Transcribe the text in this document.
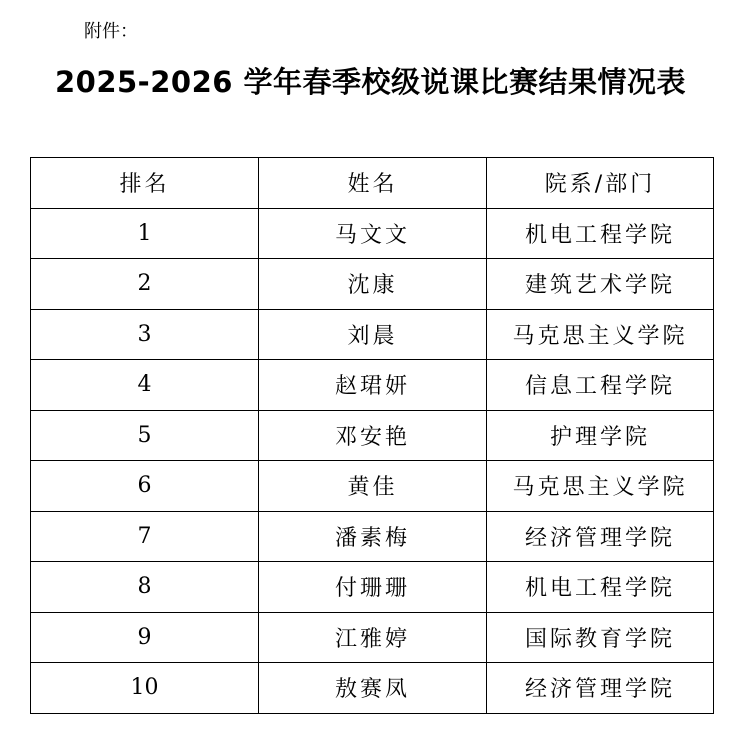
附件：
2025-2026 学年春季校级说课比赛结果情况表
排名	姓名	院系/部门
1	马文文	机电工程学院
2	沈康	建筑艺术学院
3	刘晨	马克思主义学院
4	赵珺妍	信息工程学院
5	邓安艳	护理学院
6	黄佳	马克思主义学院
7	潘素梅	经济管理学院
8	付珊珊	机电工程学院
9	江雅婷	国际教育学院
10	敖赛凤	经济管理学院
